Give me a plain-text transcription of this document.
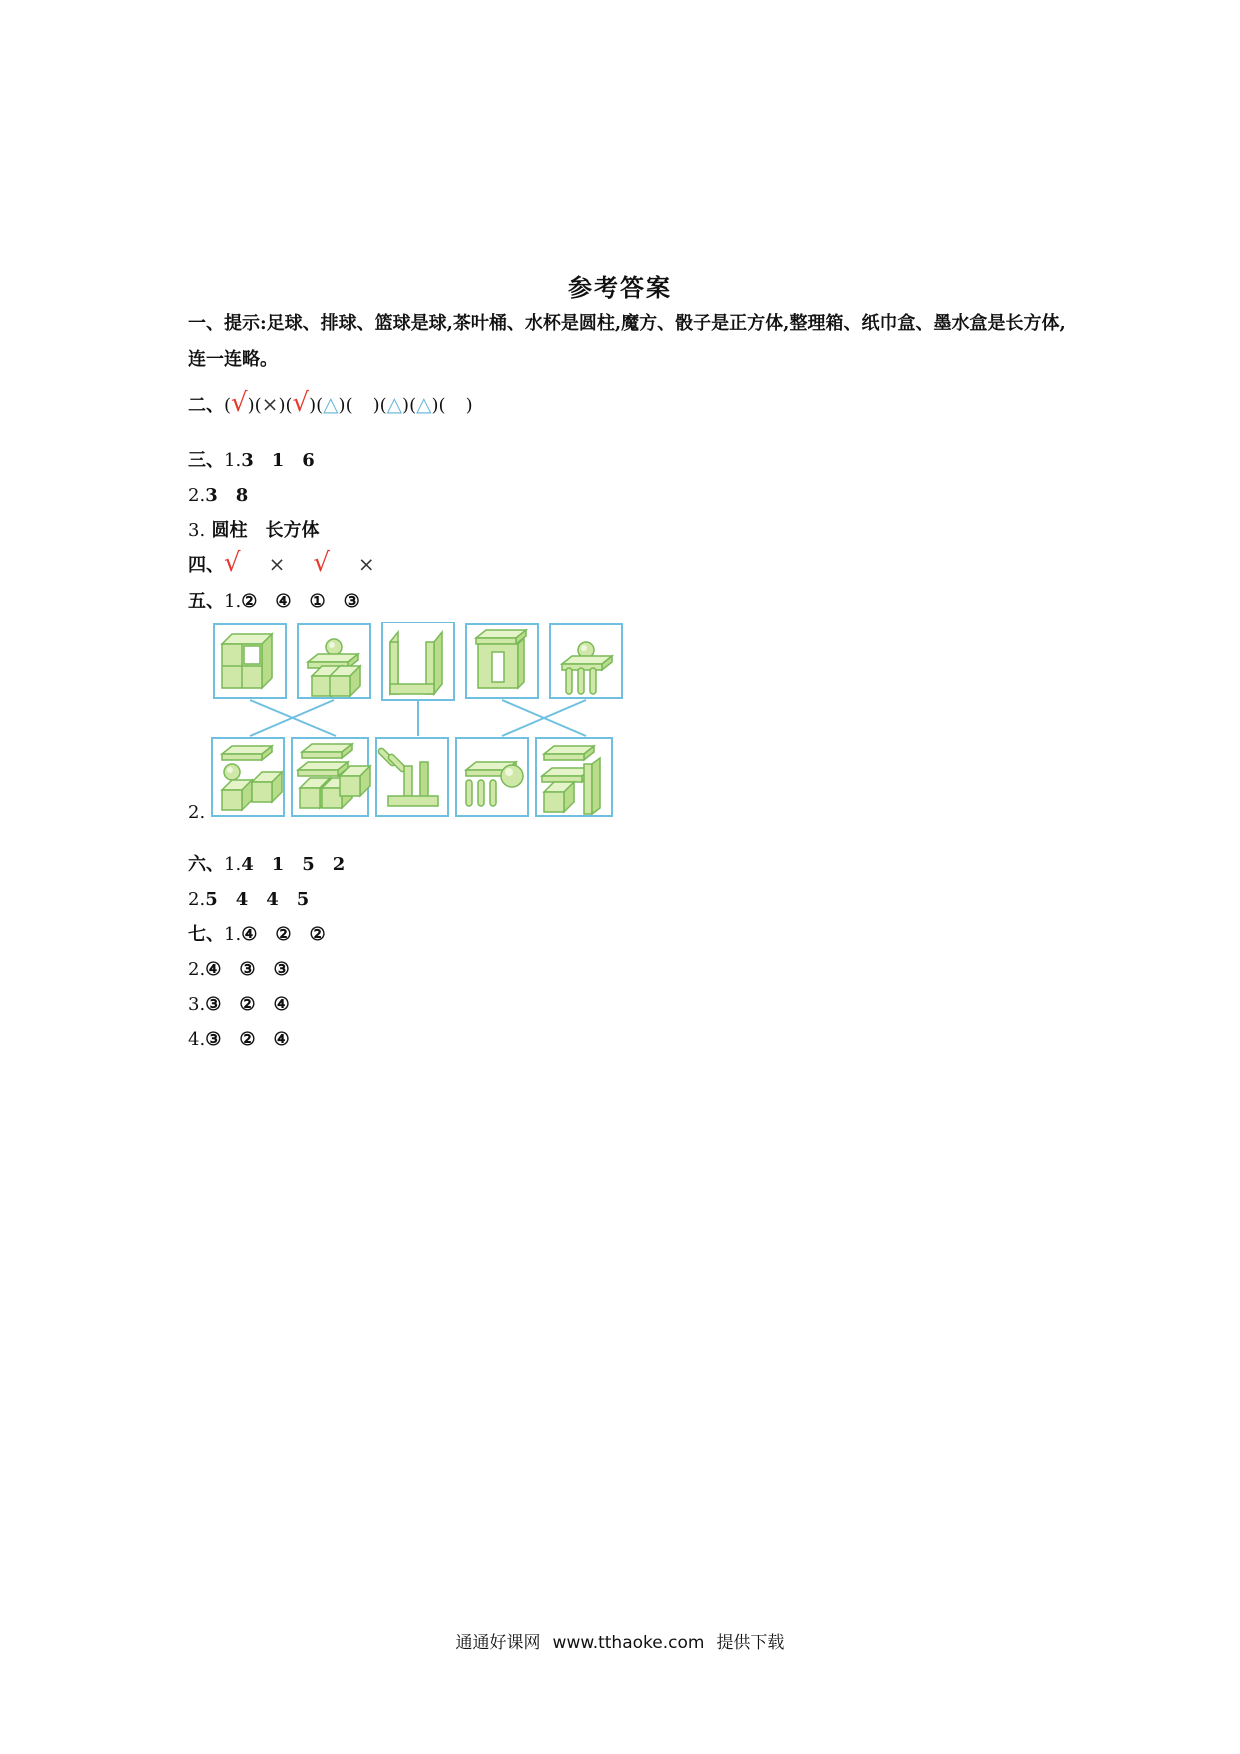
参考答案
一、提示:足球、排球、篮球是球,茶叶桶、水杯是圆柱,魔方、骰子是正方体,整理箱、纸巾盒、墨水盒是长方体,连一连略。
二、(√)(×)(√)(△)(　 )(△)(△)(　 )
三、1.3　1　6
2.3　8
3. 圆柱　长方体
四、√ × √ ×
五、1.②　④　①　③
2.
六、1.4　1　5　2
2.5　4　4　5
七、1.④　②　②
2.④　③　③
3.③　②　④
4.③　②　④
通通好课网 www.tthaoke.com 提供下载
